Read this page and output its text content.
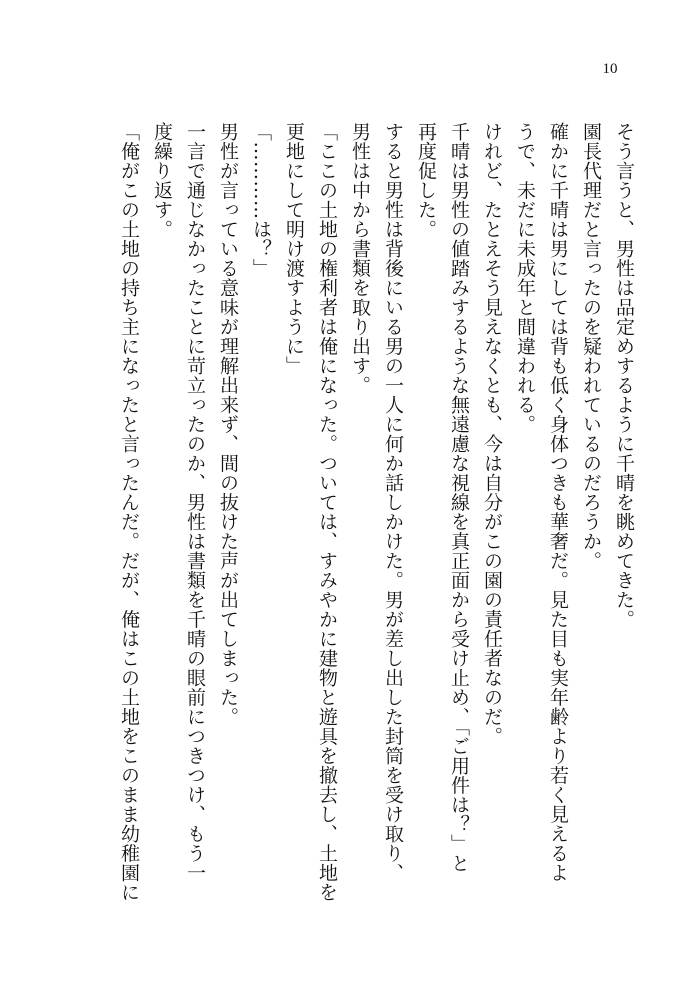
10

そう言うと、男性は品定めするように千晴を眺めてきた。

園長代理だと言ったのを疑われているのだろうか。

確かに千晴は男にしては背も低く身体つきも華奢だ。見た目も実年齢より若く見えるよ

うで、未だに未成年と間違われる。

けれど、たとえそう見えなくとも、今は自分がこの園の責任者なのだ。

千晴は男性の値踏みするような無遠慮な視線を真正面から受け止め、「ご用件は？」と

再度促した。

すると男性は背後にいる男の一人に何か話しかけた。男が差し出した封筒を受け取り、

男性は中から書類を取り出す。

「ここの土地の権利者は俺になった。ついては、すみやかに建物と遊具を撤去し、土地を

更地にして明け渡すように」

「…………は？」

男性が言っている意味が理解出来ず、間の抜けた声が出てしまった。

一言で通じなかったことに苛立ったのか、男性は書類を千晴の眼前につきつけ、もう一

度繰り返す。

「俺がこの土地の持ち主になったと言ったんだ。だが、俺はこの土地をこのまま幼稚園に
